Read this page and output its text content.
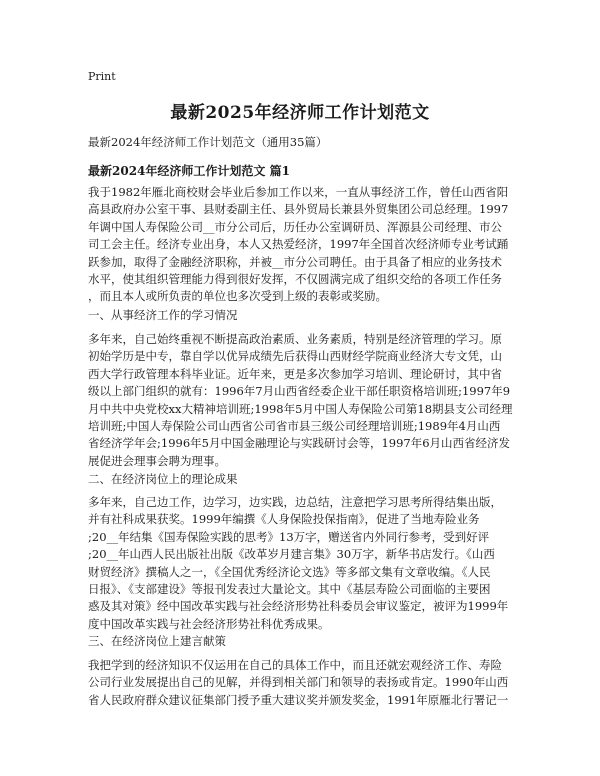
Print
最新2025年经济师工作计划范文
最新2024年经济师工作计划范文（通用35篇）
最新2024年经济师工作计划范文 篇1
我于1982年雁北商校财会毕业后参加工作以来，一直从事经济工作，曾任山西省阳
高县政府办公室干事、县财委副主任、县外贸局长兼县外贸集团公司总经理。1997
年调中国人寿保险公司__市分公司后，历任办公室调研员、浑源县公司经理、市公
司工会主任。经济专业出身，本人又热爱经济，1997年全国首次经济师专业考试踊
跃参加，取得了金融经济职称，并被__市分公司聘任。由于具备了相应的业务技术
水平，使其组织管理能力得到很好发挥，不仅圆满完成了组织交给的各项工作任务
，而且本人或所负责的单位也多次受到上级的表彰或奖励。
一、从事经济工作的学习情况
多年来，自己始终重视不断提高政治素质、业务素质，特别是经济管理的学习。原
初始学历是中专，靠自学以优异成绩先后获得山西财经学院商业经济大专文凭，山
西大学行政管理本科毕业证。近年来，更是多次参加学习培训、理论研讨，其中省
级以上部门组织的就有：1996年7月山西省经委企业干部任职资格培训班;1997年9
月中共中央党校xx大精神培训班;1998年5月中国人寿保险公司第18期县支公司经理
培训班;中国人寿保险公司山西省公司省市县三级公司经理培训班;1989年4月山西
省经济学年会;1996年5月中国金融理论与实践研讨会等，1997年6月山西省经济发
展促进会理事会聘为理事。
二、在经济岗位上的理论成果
多年来，自己边工作，边学习，边实践，边总结，注意把学习思考所得结集出版，
并有社科成果获奖。1999年编撰《人身保险投保指南》，促进了当地寿险业务
;20__年结集《国寿保险实践的思考》13万字，赠送省内外同行参考，受到好评
;20__年山西人民出版社出版《改革岁月建言集》30万字，新华书店发行。《山西
财贸经济》撰稿人之一，《全国优秀经济论文选》等多部文集有文章收编。《人民
日报》、《支部建设》等报刊发表过大量论文。其中《基层寿险公司面临的主要困
惑及其对策》经中国改革实践与社会经济形势社科委员会审议鉴定，被评为1999年
度中国改革实践与社会经济形势社科优秀成果。
三、在经济岗位上建言献策
我把学到的经济知识不仅运用在自己的具体工作中，而且还就宏观经济工作、寿险
公司行业发展提出自己的见解，并得到相关部门和领导的表扬或肯定。1990年山西
省人民政府群众建议征集部门授予重大建议奖并颁发奖金，1991年原雁北行署记一
